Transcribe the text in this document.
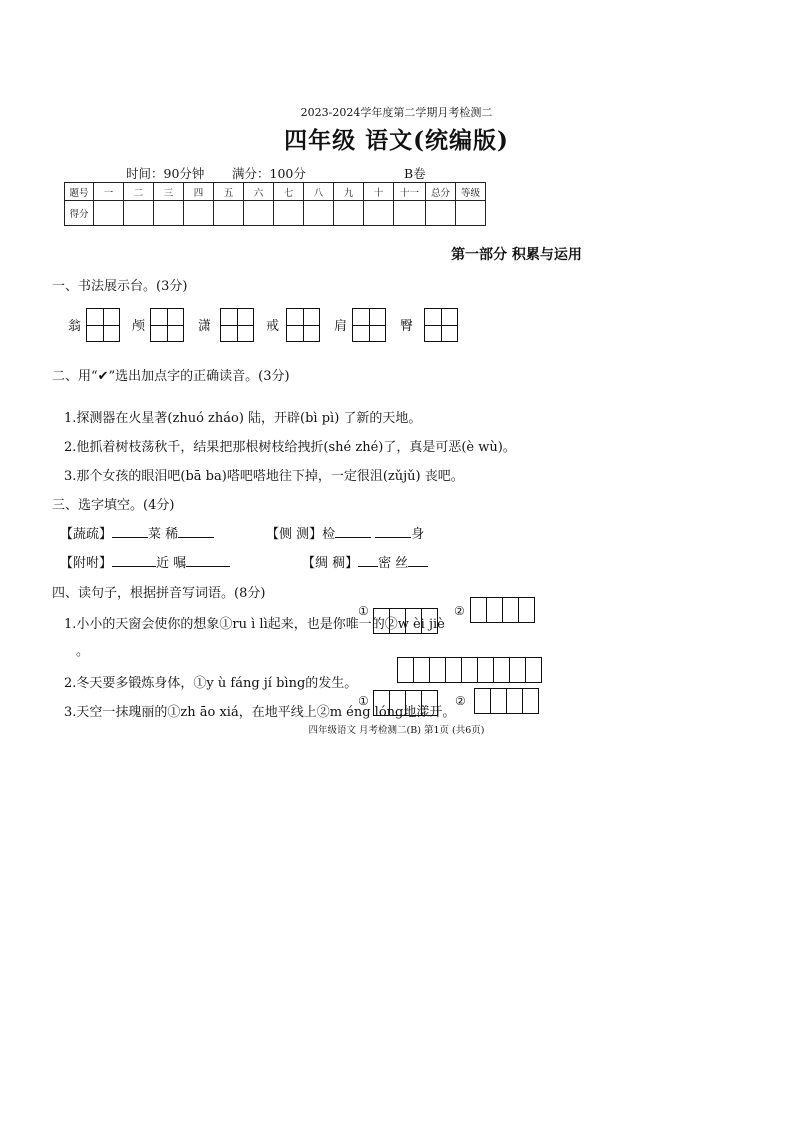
2023-2024学年度第二学期月考检测二
四年级 语文(统编版)
时间：90分钟 满分：100分	B卷
题号	一	二	三	四	五	六	七	八	九	十	十一	总分	等级
得分													
第一部分 积累与运用
一、书法展示台。(3分)
翁	颅	潇	戒	肩	臀
二、用“✔”选出加点字的正确读音。(3分)
1.探测器在火星著(zhuó zháo) 陆，开辟(bì pì) 了新的天地。
2.他抓着树枝荡秋千，结果把那根树枝给拽折(shé zhé)了，真是可恶(è wù)。
3.那个女孩的眼泪吧(bā ba)嗒吧嗒地往下掉，一定很沮(zǔjǔ) 丧吧。
三、选字填空。(4分)
【蔬疏】	菜 稀	【侧 测】检	身
【附咐】	近 嘱	【绸 稠】 密 丝
四、读句子，根据拼音写词语。(8分)
1.小小的天窗会使你的想象①ru ì lì起来，也是你唯一的②w èi jiè
。
2.冬天要多锻炼身体，①y ù fáng jí bìng的发生。
3.天空一抹瑰丽的①zh āo xiá，在地平线上②m éng lóng地漾开。
①	②
①	②
四年级语文 月考检测二(B) 第1页 (共6页)
